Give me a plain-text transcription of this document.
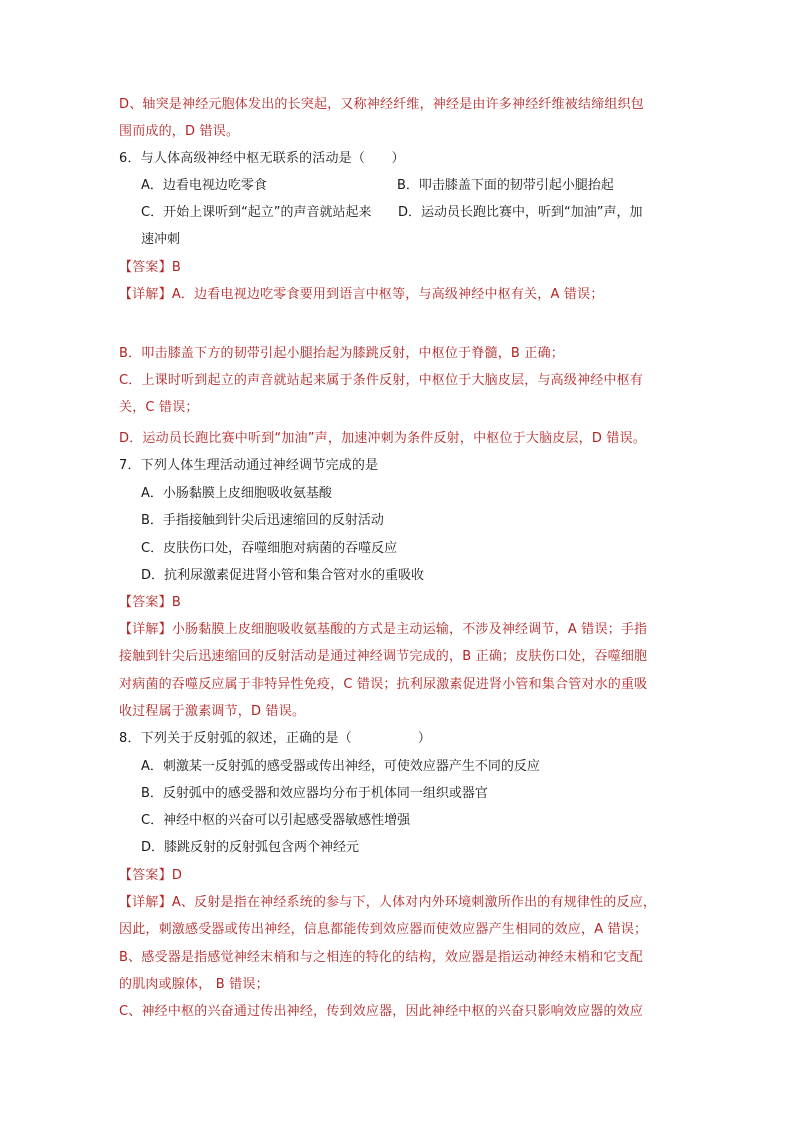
D、轴突是神经元胞体发出的长突起，又称神经纤维，神经是由许多神经纤维被结缔组织包
围而成的，D 错误。
6．与人体高级神经中枢无联系的活动是（　　）
A．边看电视边吃零食	B．叩击膝盖下面的韧带引起小腿抬起
C．开始上课听到“起立”的声音就站起来 D．运动员长跑比赛中，听到“加油”声，加
速冲刺
【答案】B
【详解】A．边看电视边吃零食要用到语言中枢等，与高级神经中枢有关，A 错误；
B．叩击膝盖下方的韧带引起小腿抬起为膝跳反射，中枢位于脊髓，B 正确；
C．上课时听到起立的声音就站起来属于条件反射，中枢位于大脑皮层，与高级神经中枢有
关，C 错误；
D．运动员长跑比赛中听到“加油”声，加速冲刺为条件反射，中枢位于大脑皮层，D 错误。
7．下列人体生理活动通过神经调节完成的是
A．小肠黏膜上皮细胞吸收氨基酸
B．手指接触到针尖后迅速缩回的反射活动
C．皮肤伤口处，吞噬细胞对病菌的吞噬反应
D．抗利尿激素促进肾小管和集合管对水的重吸收
【答案】B
【详解】小肠黏膜上皮细胞吸收氨基酸的方式是主动运输，不涉及神经调节，A 错误；手指
接触到针尖后迅速缩回的反射活动是通过神经调节完成的，B 正确；皮肤伤口处，吞噬细胞
对病菌的吞噬反应属于非特异性免疫，C 错误；抗利尿激素促进肾小管和集合管对水的重吸
收过程属于激素调节，D 错误。
8．下列关于反射弧的叙述，正确的是（　　　　　）
A．刺激某一反射弧的感受器或传出神经，可使效应器产生不同的反应
B．反射弧中的感受器和效应器均分布于机体同一组织或器官
C．神经中枢的兴奋可以引起感受器敏感性增强
D．膝跳反射的反射弧包含两个神经元
【答案】D
【详解】A、反射是指在神经系统的参与下，人体对内外环境刺激所作出的有规律性的反应，
因此，刺激感受器或传出神经，信息都能传到效应器而使效应器产生相同的效应，A 错误；
B、感受器是指感觉神经末梢和与之相连的特化的结构，效应器是指运动神经末梢和它支配
的肌肉或腺体， B 错误；
C、神经中枢的兴奋通过传出神经，传到效应器，因此神经中枢的兴奋只影响效应器的效应
